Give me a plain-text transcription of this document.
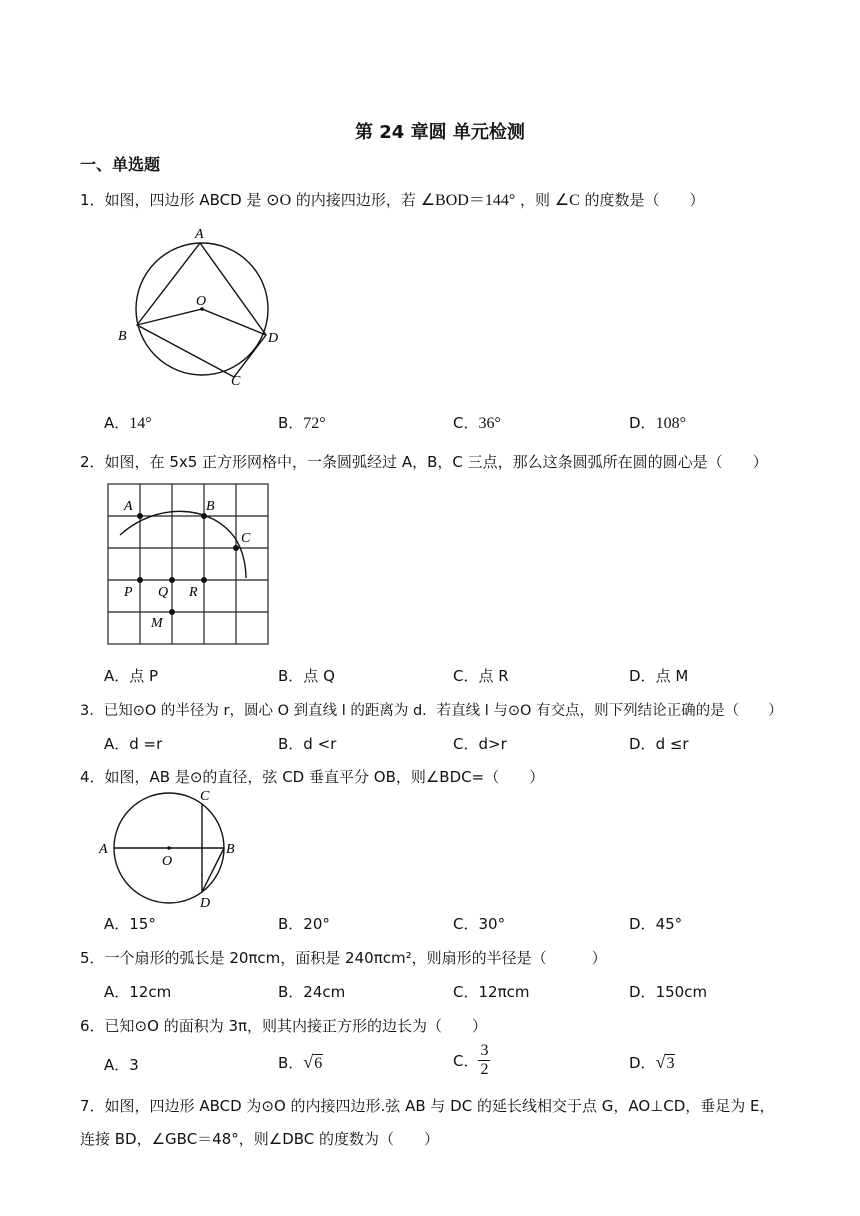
第 24 章圆 单元检测
一、单选题
1．如图，四边形 ABCD 是 ⊙O 的内接四边形，若 ∠BOD＝144° ，则 ∠C 的度数是（　　）
A
O
B	D
C
A．14°	B．72°	C．36°	D．108°
2．如图，在 5x5 正方形网格中，一条圆弧经过 A，B，C 三点，那么这条圆弧所在圆的圆心是（　　）
A	B
C
P Q R
M
A．点 P	B．点 Q	C．点 R	D．点 M
3．已知⊙O 的半径为 r，圆心 O 到直线 l 的距离为 d．若直线 l 与⊙O 有交点，则下列结论正确的是（　　）
A．d =r	B．d <r	C．d>r	D．d ≤r
4．如图，AB 是⊙的直径，弦 CD 垂直平分 OB，则∠BDC=（　　）
A
O
B
C
D
A．15°	B．20°	C．30°	D．45°
5．一个扇形的弧长是 20πcm，面积是 240πcm²，则扇形的半径是（　　　）
A．12cm	B．24cm	C．12πcm	D．150cm
6．已知⊙O 的面积为 3π，则其内接正方形的边长为（　　）
A．3	B．√6	C． $\frac{3}{2}$	D．√3
7．如图，四边形 ABCD 为⊙O 的内接四边形.弦 AB 与 DC 的延长线相交于点 G，AO⊥CD，垂足为 E，
连接 BD，∠GBC＝48°，则∠DBC 的度数为（　　）
